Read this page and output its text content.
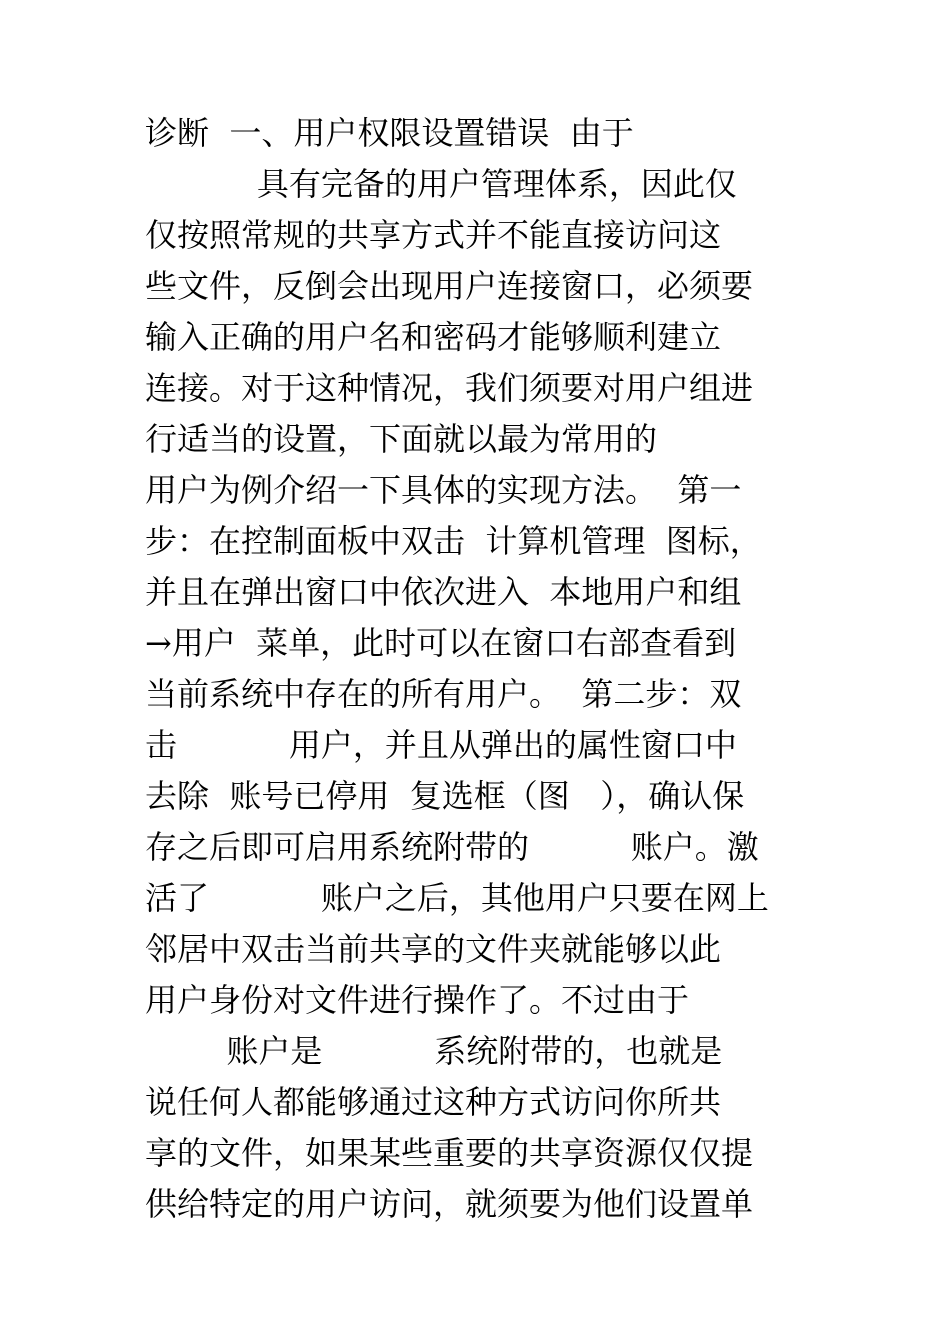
诊断  一、用户权限设置错误  由于
具有完备的用户管理体系，因此仅
仅按照常规的共享方式并不能直接访问这
些文件，反倒会出现用户连接窗口，必须要
输入正确的用户名和密码才能够顺利建立
连接。对于这种情况，我们须要对用户组进
行适当的设置，下面就以最为常用的
用户为例介绍一下具体的实现方法。  第一
步：在控制面板中双击  计算机管理  图标，
并且在弹出窗口中依次进入  本地用户和组
→用户  菜单，此时可以在窗口右部查看到
当前系统中存在的所有用户。  第二步：双
击           用户，并且从弹出的属性窗口中
去除  账号已停用  复选框（图   ），确认保
存之后即可启用系统附带的          账户。激
活了           账户之后，其他用户只要在网上
邻居中双击当前共享的文件夹就能够以此
用户身份对文件进行操作了。不过由于
账户是           系统附带的，也就是
说任何人都能够通过这种方式访问你所共
享的文件，如果某些重要的共享资源仅仅提
供给特定的用户访问，就须要为他们设置单
